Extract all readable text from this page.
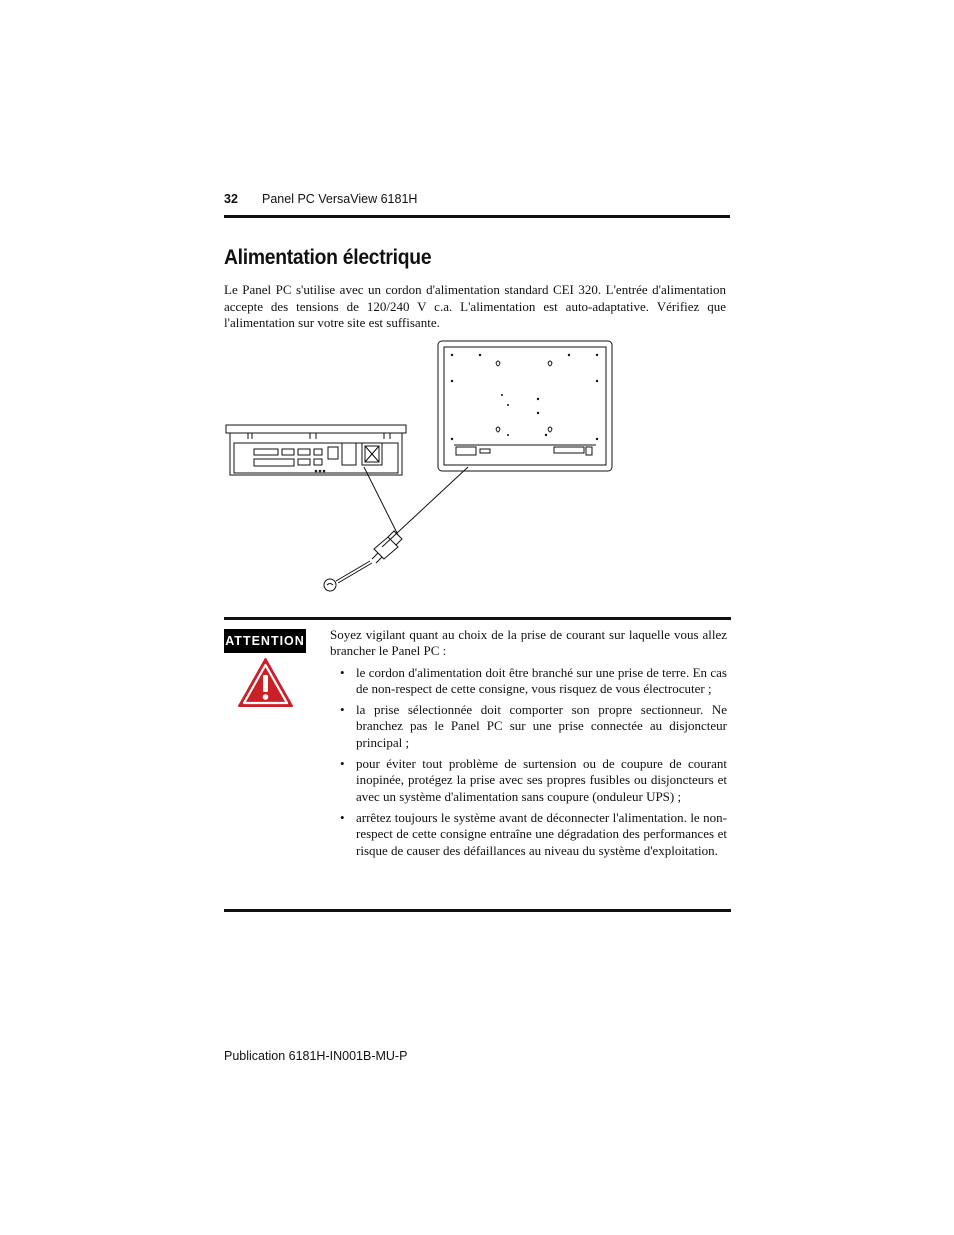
32 Panel PC VersaView 6181H
Alimentation électrique

Le Panel PC s'utilise avec un cordon d'alimentation standard CEI 320. L'entrée d'alimentation accepte des tensions de 120/240 V c.a. L'alimentation est auto-adaptative. Vérifiez que l'alimentation sur votre site est suffisante.

ATTENTION Soyez vigilant quant au choix de la prise de courant sur laquelle vous allez brancher le Panel PC :

• le cordon d'alimentation doit être branché sur une prise de terre. En cas de non-respect de cette consigne, vous risquez de vous électrocuter ;
• la prise sélectionnée doit comporter son propre sectionneur. Ne branchez pas le Panel PC sur une prise connectée au disjoncteur principal ;
• pour éviter tout problème de surtension ou de coupure de courant inopinée, protégez la prise avec ses propres fusibles ou disjoncteurs et avec un système d'alimentation sans coupure (onduleur UPS) ;
• arrêtez toujours le système avant de déconnecter l'alimentation. le non-respect de cette consigne entraîne une dégradation des performances et risque de causer des défaillances au niveau du système d'exploitation.
Publication 6181H-IN001B-MU-P
